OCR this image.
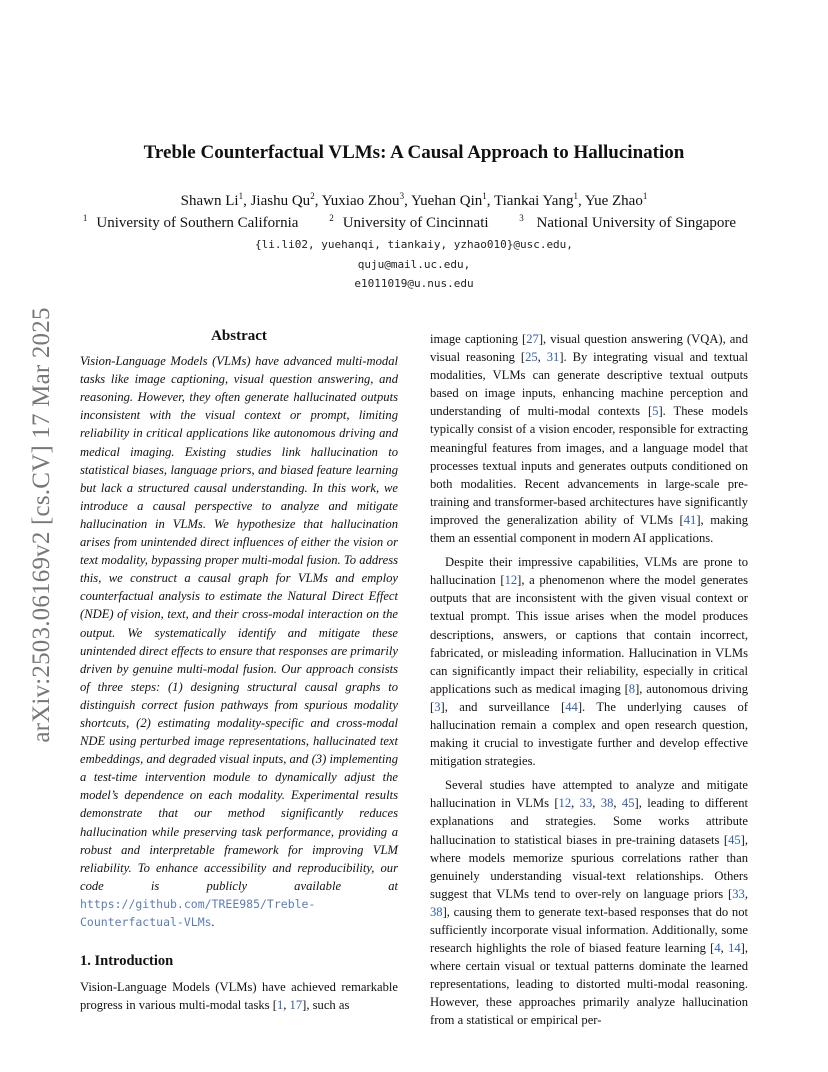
arXiv:2503.06169v2 [cs.CV] 17 Mar 2025
Treble Counterfactual VLMs: A Causal Approach to Hallucination
Shawn Li$^1$, Jiashu Qu$^2$, Yuxiao Zhou$^3$, Yuehan Qin$^1$, Tiankai Yang$^1$, Yue Zhao$^1$
$^1$ University of Southern California	$^2$ University of Cincinnati	$^3$ National University of Singapore
{li.li02, yuehanqi, tiankaiy, yzhao010}@usc.edu,
quju@mail.uc.edu,
e1011019@u.nus.edu
Abstract

Vision-Language Models (VLMs) have advanced multi-modal tasks like image captioning, visual question answering, and reasoning. However, they often generate hallucinated outputs inconsistent with the visual context or prompt, limiting reliability in critical applications like autonomous driving and medical imaging. Existing studies link hallucination to statistical biases, language priors, and biased feature learning but lack a structured causal understanding. In this work, we introduce a causal perspective to analyze and mitigate hallucination in VLMs. We hypothesize that hallucination arises from unintended direct influences of either the vision or text modality, bypassing proper multi-modal fusion. To address this, we construct a causal graph for VLMs and employ counterfactual analysis to estimate the Natural Direct Effect (NDE) of vision, text, and their cross-modal interaction on the output. We systematically identify and mitigate these unintended direct effects to ensure that responses are primarily driven by genuine multi-modal fusion. Our approach consists of three steps: (1) designing structural causal graphs to distinguish correct fusion pathways from spurious modality shortcuts, (2) estimating modality-specific and cross-modal NDE using perturbed image representations, hallucinated text embeddings, and degraded visual inputs, and (3) implementing a test-time intervention module to dynamically adjust the model’s dependence on each modality. Experimental results demonstrate that our method significantly reduces hallucination while preserving task performance, providing a robust and interpretable framework for improving VLM reliability. To enhance accessibility and reproducibility, our code is publicly available at https://github.com/TREE985/Treble-Counterfactual-VLMs.

1. Introduction

Vision-Language Models (VLMs) have achieved remarkable progress in various multi-modal tasks [1, 17], such as

image captioning [27], visual question answering (VQA), and visual reasoning [25, 31]. By integrating visual and textual modalities, VLMs can generate descriptive textual outputs based on image inputs, enhancing machine perception and understanding of multi-modal contexts [5]. These models typically consist of a vision encoder, responsible for extracting meaningful features from images, and a language model that processes textual inputs and generates outputs conditioned on both modalities. Recent advancements in large-scale pre-training and transformer-based architectures have significantly improved the generalization ability of VLMs [41], making them an essential component in modern AI applications.

Despite their impressive capabilities, VLMs are prone to hallucination [12], a phenomenon where the model generates outputs that are inconsistent with the given visual context or textual prompt. This issue arises when the model produces descriptions, answers, or captions that contain incorrect, fabricated, or misleading information. Hallucination in VLMs can significantly impact their reliability, especially in critical applications such as medical imaging [8], autonomous driving [3], and surveillance [44]. The underlying causes of hallucination remain a complex and open research question, making it crucial to investigate further and develop effective mitigation strategies.

Several studies have attempted to analyze and mitigate hallucination in VLMs [12, 33, 38, 45], leading to different explanations and strategies. Some works attribute hallucination to statistical biases in pre-training datasets [45], where models memorize spurious correlations rather than genuinely understanding visual-text relationships. Others suggest that VLMs tend to over-rely on language priors [33, 38], causing them to generate text-based responses that do not sufficiently incorporate visual information. Additionally, some research highlights the role of biased feature learning [4, 14], where certain visual or textual patterns dominate the learned representations, leading to distorted multi-modal reasoning. However, these approaches primarily analyze hallucination from a statistical or empirical per-
